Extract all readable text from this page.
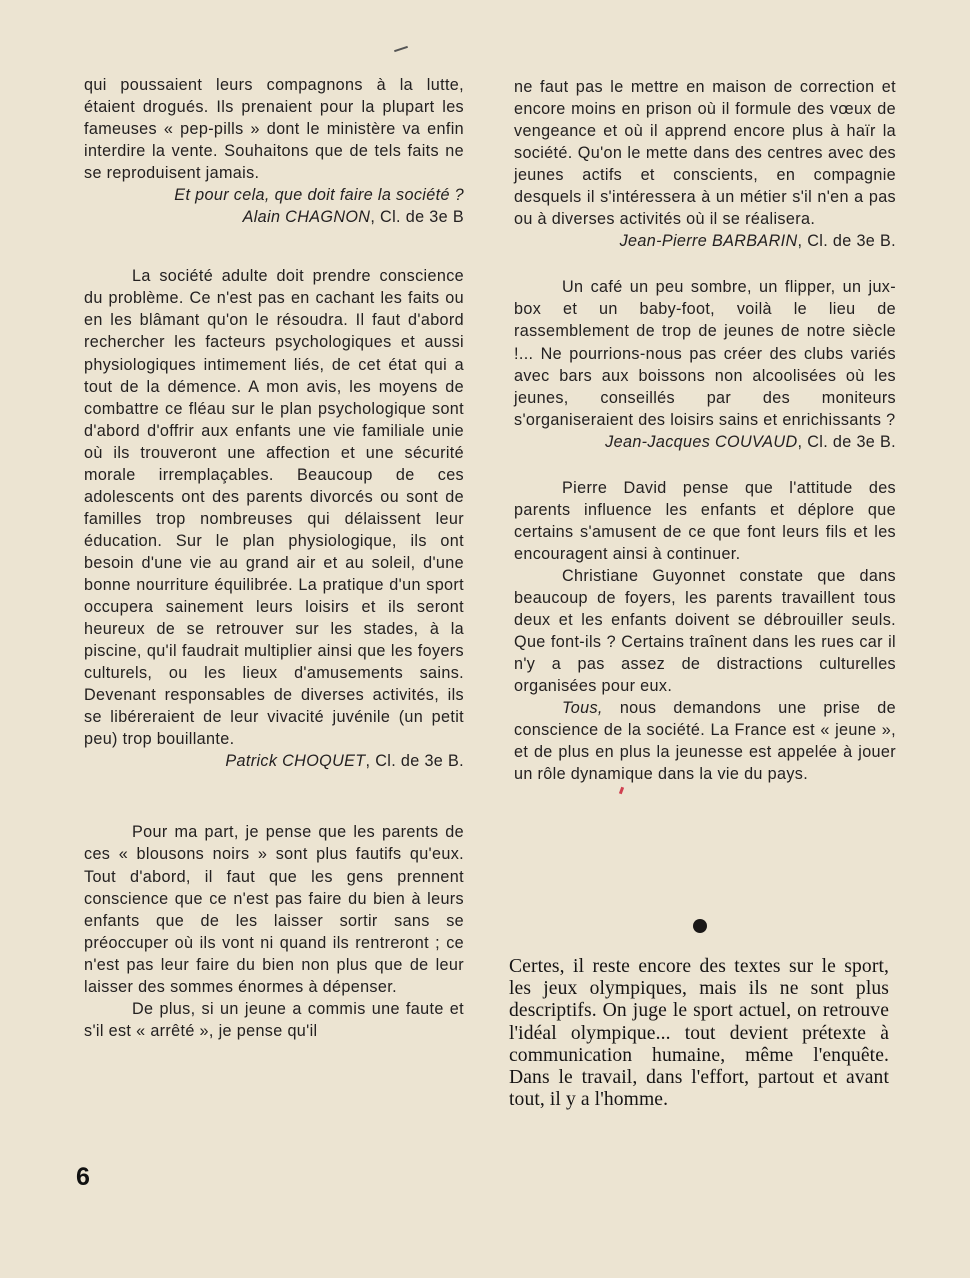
qui poussaient leurs compagnons à la lutte, étaient drogués. Ils prenaient pour la plupart les fameuses « pep-pills » dont le ministère va enfin interdire la vente. Souhaitons que de tels faits ne se reproduisent jamais.

Et pour cela, que doit faire la société ?

Alain CHAGNON, Cl. de 3e B

La société adulte doit prendre conscience du problème. Ce n'est pas en cachant les faits ou en les blâmant qu'on le résoudra. Il faut d'abord rechercher les facteurs psychologiques et aussi physiologiques intimement liés, de cet état qui a tout de la démence. A mon avis, les moyens de combattre ce fléau sur le plan psychologique sont d'abord d'offrir aux enfants une vie familiale unie où ils trouveront une affection et une sécurité morale irremplaçables. Beaucoup de ces adolescents ont des parents divorcés ou sont de familles trop nombreuses qui délaissent leur éducation. Sur le plan physiologique, ils ont besoin d'une vie au grand air et au soleil, d'une bonne nourriture équilibrée. La pratique d'un sport occupera sainement leurs loisirs et ils seront heureux de se retrouver sur les stades, à la piscine, qu'il faudrait multiplier ainsi que les foyers culturels, ou les lieux d'amusements sains. Devenant responsables de diverses activités, ils se libéreraient de leur vivacité juvénile (un petit peu) trop bouillante.

Patrick CHOQUET, Cl. de 3e B.

Pour ma part, je pense que les parents de ces « blousons noirs » sont plus fautifs qu'eux. Tout d'abord, il faut que les gens prennent conscience que ce n'est pas faire du bien à leurs enfants que de les laisser sortir sans se préoccuper où ils vont ni quand ils rentreront ; ce n'est pas leur faire du bien non plus que de leur laisser des sommes énormes à dépenser.

De plus, si un jeune a commis une faute et s'il est « arrêté », je pense qu'il

ne faut pas le mettre en maison de correction et encore moins en prison où il formule des vœux de vengeance et où il apprend encore plus à haïr la société. Qu'on le mette dans des centres avec des jeunes actifs et conscients, en compagnie desquels il s'intéressera à un métier s'il n'en a pas ou à diverses activités où il se réalisera.

Jean-Pierre BARBARIN, Cl. de 3e B.

Un café un peu sombre, un flipper, un jux-box et un baby-foot, voilà le lieu de rassemblement de trop de jeunes de notre siècle !... Ne pourrions-nous pas créer des clubs variés avec bars aux boissons non alcoolisées où les jeunes, conseillés par des moniteurs s'organiseraient des loisirs sains et enrichissants ?

Jean-Jacques COUVAUD, Cl. de 3e B.

Pierre David pense que l'attitude des parents influence les enfants et déplore que certains s'amusent de ce que font leurs fils et les encouragent ainsi à continuer.

Christiane Guyonnet constate que dans beaucoup de foyers, les parents travaillent tous deux et les enfants doivent se débrouiller seuls. Que font-ils ? Certains traînent dans les rues car il n'y a pas assez de distractions culturelles organisées pour eux.

Tous, nous demandons une prise de conscience de la société. La France est « jeune », et de plus en plus la jeunesse est appelée à jouer un rôle dynamique dans la vie du pays.

Certes, il reste encore des textes sur le sport, les jeux olympiques, mais ils ne sont plus descriptifs. On juge le sport actuel, on retrouve l'idéal olympique... tout devient prétexte à communication humaine, même l'enquête. Dans le travail, dans l'effort, partout et avant tout, il y a l'homme.

6
